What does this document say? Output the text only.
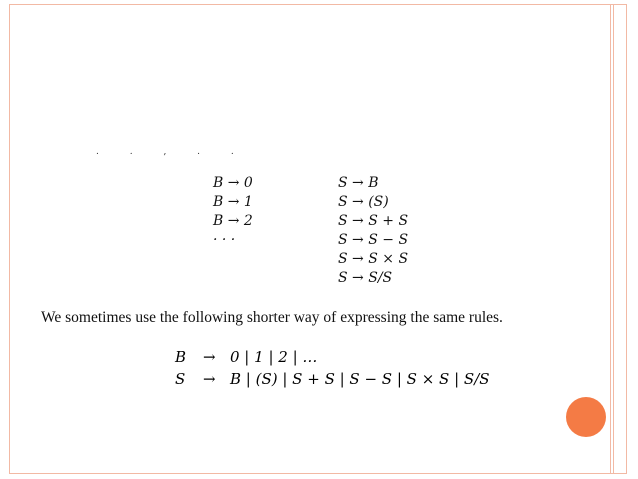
. . , . .
B → 0
B → 1
B → 2
· · ·
S → B
S → (S)
S → S + S
S → S − S
S → S × S
S → S/S
We sometimes use the following shorter way of expressing the same rules.
B	→ 0 | 1 | 2 | …
S	→ B | (S) | S + S | S − S | S × S | S/S
